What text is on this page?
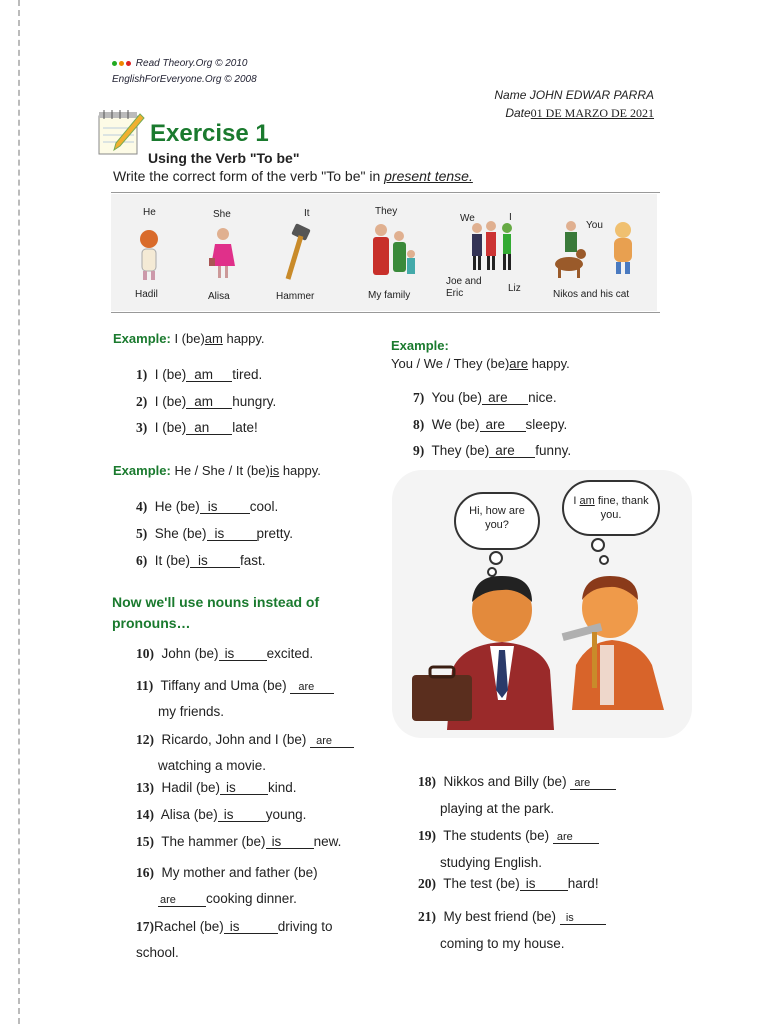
Read Theory.Org © 2010
EnglishForEveryone.Org © 2008
Name JOHN EDWAR PARRA
Date01 DE MARZO DE 2021
Exercise 1
Using the Verb "To be"
Write the correct form of the verb "To be" in present tense.
He
Hadil
She
Alisa
It
Hammer
They
My family
We
Joe and Eric
I
Liz
You
Nikos and his cat
Example: I (be)am happy.
1) I (be) am tired.
2) I (be) am hungry.
3) I (be) an late!
Example: He / She / It (be)is happy.
4) He (be) is cool.
5) She (be) is pretty.
6) It (be) is fast.
Now we'll use nouns instead of pronouns…
10) John (be) is excited.
11) Tiffany and Uma (be) are
my friends.
12) Ricardo, John and I (be) are
watching a movie.
13) Hadil (be) is kind.
14) Alisa (be) is young.
15) The hammer (be) is new.
16) My mother and father (be)
are cooking dinner.
17)Rachel (be) is	driving to school.
Example:
You / We / They (be)are happy.
7) You (be) are nice.
8) We (be) are sleepy.
9) They (be) are funny.
Hi, how are you?
I am fine, thank you.
18) Nikkos and Billy (be) are
playing at the park.
19) The students (be) are
studying English.
20) The test (be) is hard!
21) My best friend (be) is
coming to my house.
